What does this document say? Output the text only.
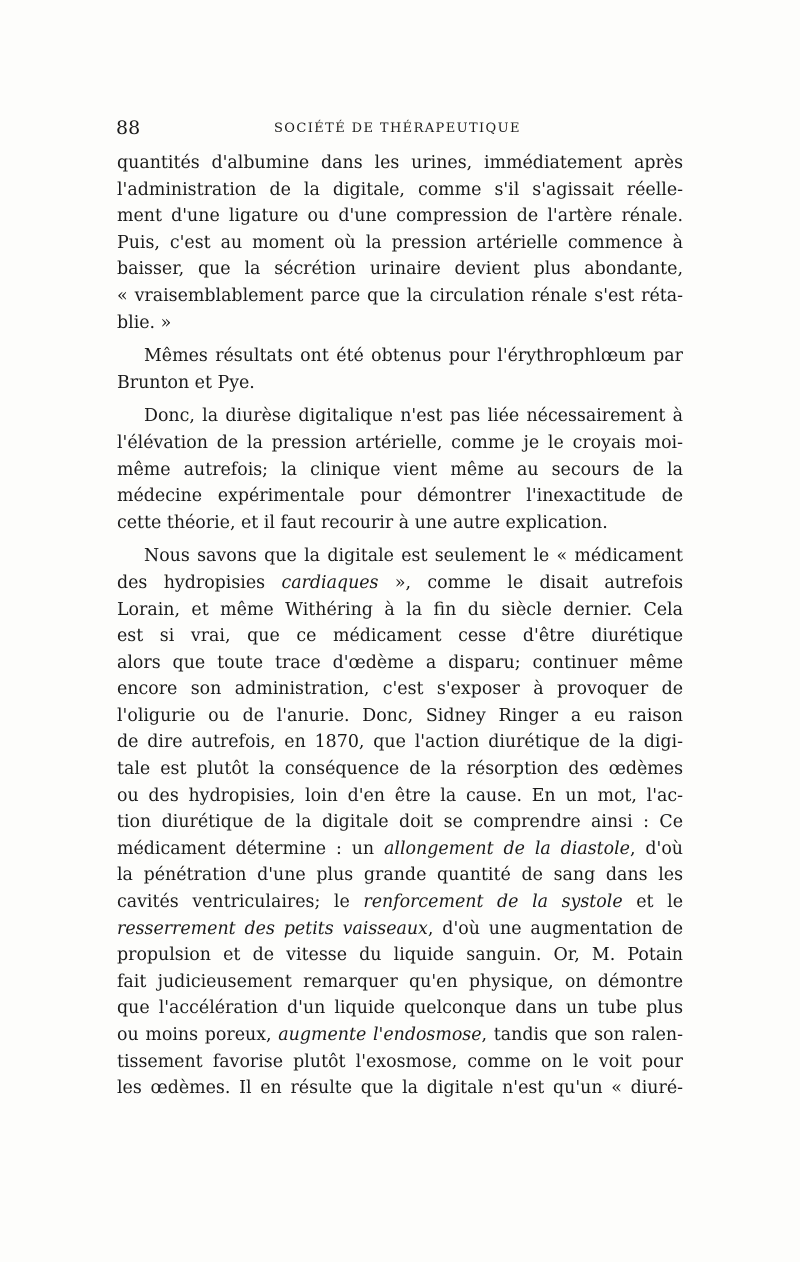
88	SOCIÉTÉ DE THÉRAPEUTIQUE
quantités d'albumine dans les urines, immédiatement après
l'administration de la digitale, comme s'il s'agissait réelle-
ment d'une ligature ou d'une compression de l'artère rénale.
Puis, c'est au moment où la pression artérielle commence à
baisser, que la sécrétion urinaire devient plus abondante,
« vraisemblablement parce que la circulation rénale s'est réta-
blie. »
Mêmes résultats ont été obtenus pour l'érythrophlœum par
Brunton et Pye.
Donc, la diurèse digitalique n'est pas liée nécessairement à
l'élévation de la pression artérielle, comme je le croyais moi-
même autrefois; la clinique vient même au secours de la
médecine expérimentale pour démontrer l'inexactitude de
cette théorie, et il faut recourir à une autre explication.
Nous savons que la digitale est seulement le « médicament
des hydropisies cardiaques », comme le disait autrefois
Lorain, et même Withéring à la fin du siècle dernier. Cela
est si vrai, que ce médicament cesse d'être diurétique
alors que toute trace d'œdème a disparu; continuer même
encore son administration, c'est s'exposer à provoquer de
l'oligurie ou de l'anurie. Donc, Sidney Ringer a eu raison
de dire autrefois, en 1870, que l'action diurétique de la digi-
tale est plutôt la conséquence de la résorption des œdèmes
ou des hydropisies, loin d'en être la cause. En un mot, l'ac-
tion diurétique de la digitale doit se comprendre ainsi : Ce
médicament détermine : un allongement de la diastole, d'où
la pénétration d'une plus grande quantité de sang dans les
cavités ventriculaires; le renforcement de la systole et le
resserrement des petits vaisseaux, d'où une augmentation de
propulsion et de vitesse du liquide sanguin. Or, M. Potain
fait judicieusement remarquer qu'en physique, on démontre
que l'accélération d'un liquide quelconque dans un tube plus
ou moins poreux, augmente l'endosmose, tandis que son ralen-
tissement favorise plutôt l'exosmose, comme on le voit pour
les œdèmes. Il en résulte que la digitale n'est qu'un « diuré-
